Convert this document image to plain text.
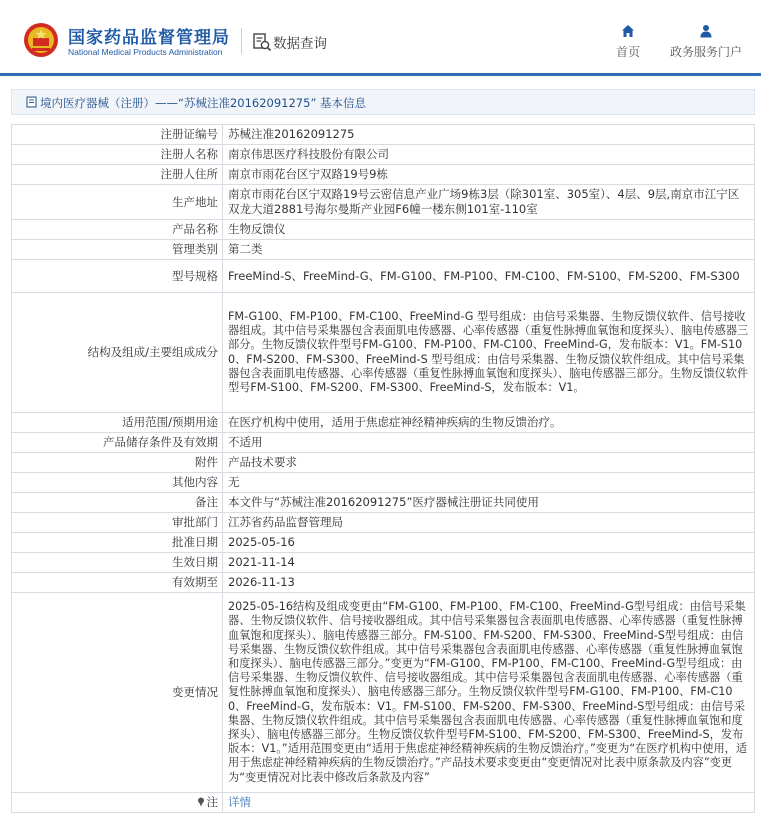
国家药品监督管理局
National Medical Products Administration	数据查询	首页	政务服务门户
境内医疗器械（注册）——“苏械注准20162091275” 基本信息
注册证编号	苏械注准20162091275
注册人名称	南京伟思医疗科技股份有限公司
注册人住所	南京市雨花台区宁双路19号9栋
生产地址	南京市雨花台区宁双路19号云密信息产业广场9栋3层（除301室、305室）、4层、9层,南京市江宁区双龙大道2881号海尔曼斯产业园F6幢一楼东侧101室-110室
产品名称	生物反馈仪
管理类别	第二类
型号规格	FreeMind-S、FreeMind-G、FM-G100、FM-P100、FM-C100、FM-S100、FM-S200、FM-S300
结构及组成/主要组成成分	FM-G100、FM-P100、FM-C100、FreeMind-G 型号组成：由信号采集器、生物反馈仪软件、信号接收器组成。其中信号采集器包含表面肌电传感器、心率传感器（重复性脉搏血氧饱和度探头）、脑电传感器三部分。生物反馈仪软件型号FM-G100、FM-P100、FM-C100、FreeMind-G，发布版本：V1。FM-S100、FM-S200、FM-S300、FreeMind-S 型号组成：由信号采集器、生物反馈仪软件组成。其中信号采集器包含表面肌电传感器、心率传感器（重复性脉搏血氧饱和度探头）、脑电传感器三部分。生物反馈仪软件型号FM-S100、FM-S200、FM-S300、FreeMind-S，发布版本：V1。
适用范围/预期用途	在医疗机构中使用，适用于焦虑症神经精神疾病的生物反馈治疗。
产品储存条件及有效期	不适用
附件	产品技术要求
其他内容	无
备注	本文件与“苏械注准20162091275”医疗器械注册证共同使用
审批部门	江苏省药品监督管理局
批准日期	2025-05-16
生效日期	2021-11-14
有效期至	2026-11-13
变更情况	2025-05-16结构及组成变更由“FM-G100、FM-P100、FM-C100、FreeMind-G型号组成：由信号采集器、生物反馈仪软件、信号接收器组成。其中信号采集器包含表面肌电传感器、心率传感器（重复性脉搏血氧饱和度探头）、脑电传感器三部分。FM-S100、FM-S200、FM-S300、FreeMind-S型号组成：由信号采集器、生物反馈仪软件组成。其中信号采集器包含表面肌电传感器、心率传感器（重复性脉搏血氧饱和度探头）、脑电传感器三部分。”变更为“FM-G100、FM-P100、FM-C100、FreeMind-G型号组成：由信号采集器、生物反馈仪软件、信号接收器组成。其中信号采集器包含表面肌电传感器、心率传感器（重复性脉搏血氧饱和度探头）、脑电传感器三部分。生物反馈仪软件型号FM-G100、FM-P100、FM-C100、FreeMind-G，发布版本：V1。FM-S100、FM-S200、FM-S300、FreeMind-S型号组成：由信号采集器、生物反馈仪软件组成。其中信号采集器包含表面肌电传感器、心率传感器（重复性脉搏血氧饱和度探头）、脑电传感器三部分。生物反馈仪软件型号FM-S100、FM-S200、FM-S300、FreeMind-S，发布版本：V1。”适用范围变更由“适用于焦虑症神经精神疾病的生物反馈治疗。”变更为“在医疗机构中使用，适用于焦虑症神经精神疾病的生物反馈治疗。”产品技术要求变更由“变更情况对比表中原条款及内容”变更为“变更情况对比表中修改后条款及内容”
注	详情
